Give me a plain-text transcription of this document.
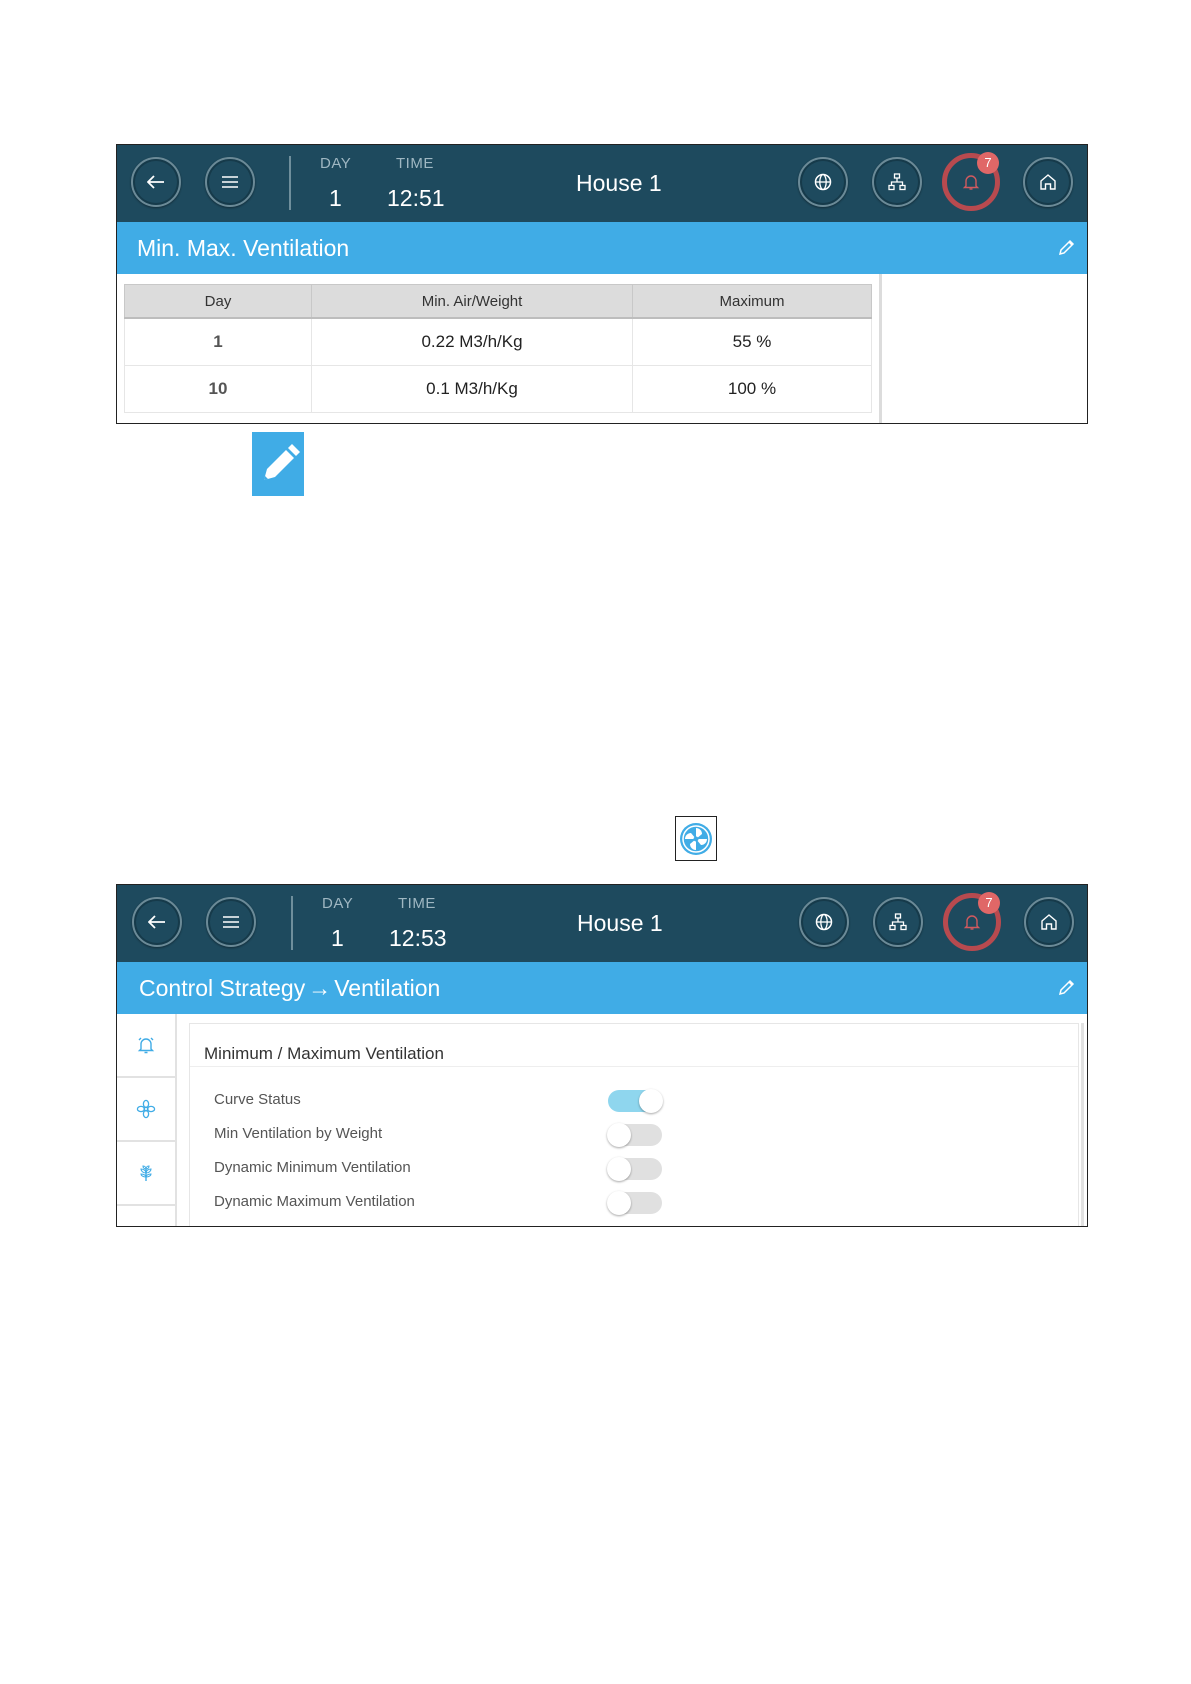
DAY
1
TIME
12:51
House 1
7
Min. Max. Ventilation
Day	Min. Air/Weight	Maximum
1	0.22 M3/h/Kg	55 %
10	0.1 M3/h/Kg	100 %
DAY
1
TIME
12:53
House 1
7
Control Strategy → Ventilation
Minimum / Maximum Ventilation
Curve Status
Min Ventilation by Weight
Dynamic Minimum Ventilation
Dynamic Maximum Ventilation
